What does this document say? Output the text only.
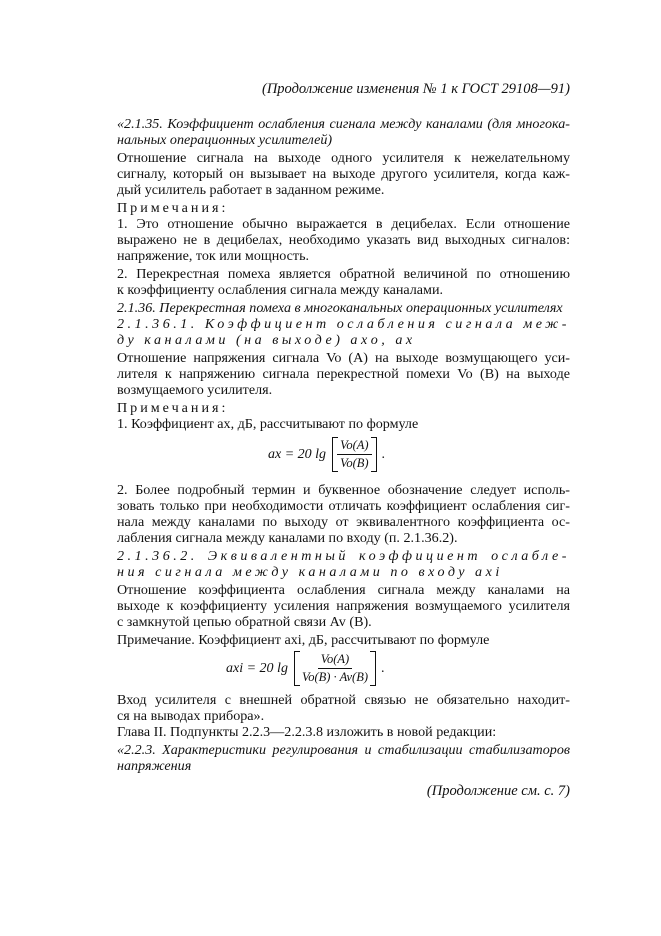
(Продолжение изменения № 1 к ГОСТ 29108—91)
«2.1.35. Коэффициент ослабления сигнала между каналами (для многока-
нальных операционных усилителей)
Отношение сигнала на выходе одного усилителя к нежелательному
сигналу, который он вызывает на выходе другого усилителя, когда каж-
дый усилитель работает в заданном режиме.
Примечания:
1. Это отношение обычно выражается в децибелах. Если отношение
выражено не в децибелах, необходимо указать вид выходных сигналов:
напряжение, ток или мощность.
2. Перекрестная помеха является обратной величиной по отношению
к коэффициенту ослабления сигнала между каналами.
2.1.36. Перекрестная помеха в многоканальных операционных усилителях
2.1.36.1. Коэффициент ослабления сигнала меж-
ду каналами (на выходе) axo, ax
Отношение напряжения сигнала Vo (A) на выходе возмущающего уси-
лителя к напряжению сигнала перекрестной помехи Vo (B) на выходе
возмущаемого усилителя.
Примечания:
1. Коэффициент ax, дБ, рассчитывают по формуле
ax = 20 $\lg \frac{Vo(A)}{Vo(B)}$ .
2. Более подробный термин и буквенное обозначение следует исполь-
зовать только при необходимости отличать коэффициент ослабления сиг-
нала между каналами по выходу от эквивалентного коэффициента ос-
лабления сигнала между каналами по входу (п. 2.1.36.2).
2.1.36.2. Эквивалентный коэффициент ослабле-
ния сигнала между каналами по входу axi
Отношение коэффициента ослабления сигнала между каналами на
выходе к коэффициенту усиления напряжения возмущаемого усилителя
с замкнутой цепью обратной связи Av (B).
Примечание. Коэффициент axi, дБ, рассчитывают по формуле
axi = 20 $\lg \frac{Vo(A)}{Vo(B) \cdot Av(B)}$ .
Вход усилителя с внешней обратной связью не обязательно находит-
ся на выводах прибора».
Глава II. Подпункты 2.2.3—2.2.3.8 изложить в новой редакции:
«2.2.3. Характеристики регулирования и стабилизации стабилизаторов
напряжения
(Продолжение см. с. 7)
